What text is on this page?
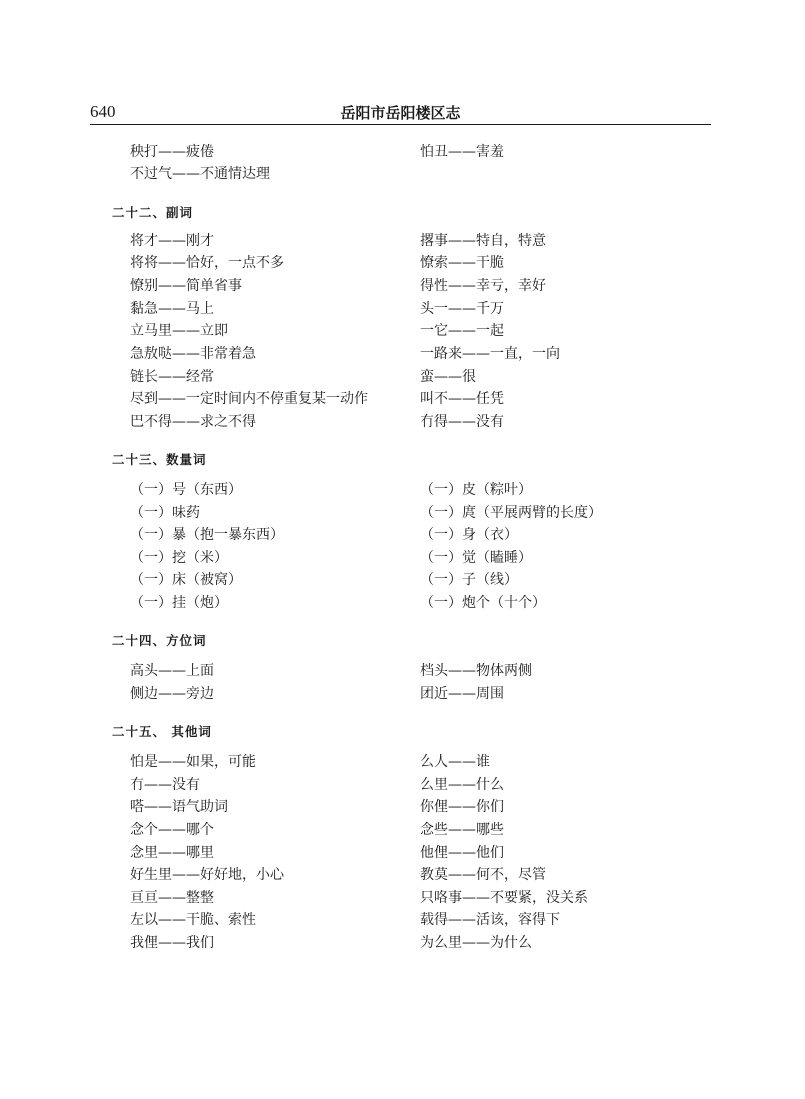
640	岳阳市岳阳楼区志
秧打——疲倦	怕丑——害羞
不过气——不通情达理
二十二、副词
将才——刚才	撂事——特自，特意
将将——恰好，一点不多	憭索——干脆
憭别——简单省事	得性——幸亏，幸好
黏急——马上	头一——千万
立马里——立即	一它——一起
急敖哒——非常着急	一路来——一直，一向
链长——经常	蛮——很
尽到——一定时间内不停重复某一动作	叫不——任凭
巴不得——求之不得	冇得——没有
二十三、数量词
（一）号（东西）	（一）皮（粽叶）
（一）味药	（一）庹（平展两臂的长度）
（一）暴（抱一暴东西）	（一）身（衣）
（一）挖（米）	（一）觉（瞌睡）
（一）床（被窝）	（一）子（线）
（一）挂（炮）	（一）炮个（十个）
二十四、方位词
高头——上面	档头——物体两侧
侧边——旁边	团近——周围
二十五、 其他词
怕是——如果，可能	么人——谁
冇——没有	么里——什么
嗒——语气助词	你俚——你们
念个——哪个	念些——哪些
念里——哪里	他俚——他们
好生里——好好地，小心	教莫——何不，尽管
亘亘——整整	只咯事——不要紧，没关系
左以——干脆、索性	载得——活该，容得下
我俚——我们	为么里——为什么
